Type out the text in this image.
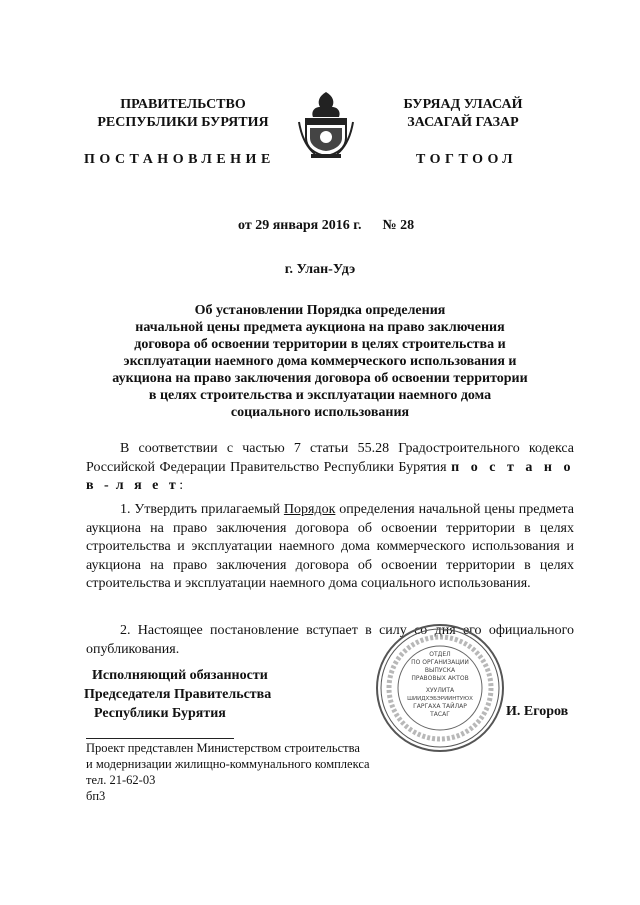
ПРАВИТЕЛЬСТВО
РЕСПУБЛИКИ БУРЯТИЯ
БУРЯАД УЛАСАЙ
ЗАСАГАЙ ГАЗАР
ПОСТАНОВЛЕНИЕ	ТОГТООЛ
от 29 января 2016 г. № 28
г. Улан-Удэ
Об установлении Порядка определения
начальной цены предмета аукциона на право заключения
договора об освоении территории в целях строительства и
эксплуатации наемного дома коммерческого использования и
аукциона на право заключения договора об освоении территории
в целях строительства и эксплуатации наемного дома
социального использования
В соответствии с частью 7 статьи 55.28 Градостроительного кодекса Российской Федерации Правительство Республики Бурятия п о с т а н о в - л я е т:
1. Утвердить прилагаемый Порядок определения начальной цены предмета аукциона на право заключения договора об освоении территории в целях строительства и эксплуатации наемного дома коммерческого использования и аукциона на право заключения договора об освоении территории в целях строительства и эксплуатации наемного дома социального использования.
2. Настоящее постановление вступает в силу со дня его официального опубликования.
Исполняющий обязанности
Председателя Правительства
Республики Бурятия	И. Егоров
ОТДЕЛ
ПО ОРГАНИЗАЦИИ
ВЫПУСКА
ПРАВОВЫХ АКТОВ
ХУУЛИТА
ШИИДХЭБЭРИИНТУЮХ
ГАРГАХА ТАЙЛАР
ТАСАГ
Проект представлен Министерством строительства
и модернизации жилищно-коммунального комплекса
тел. 21-62-03
бп3
